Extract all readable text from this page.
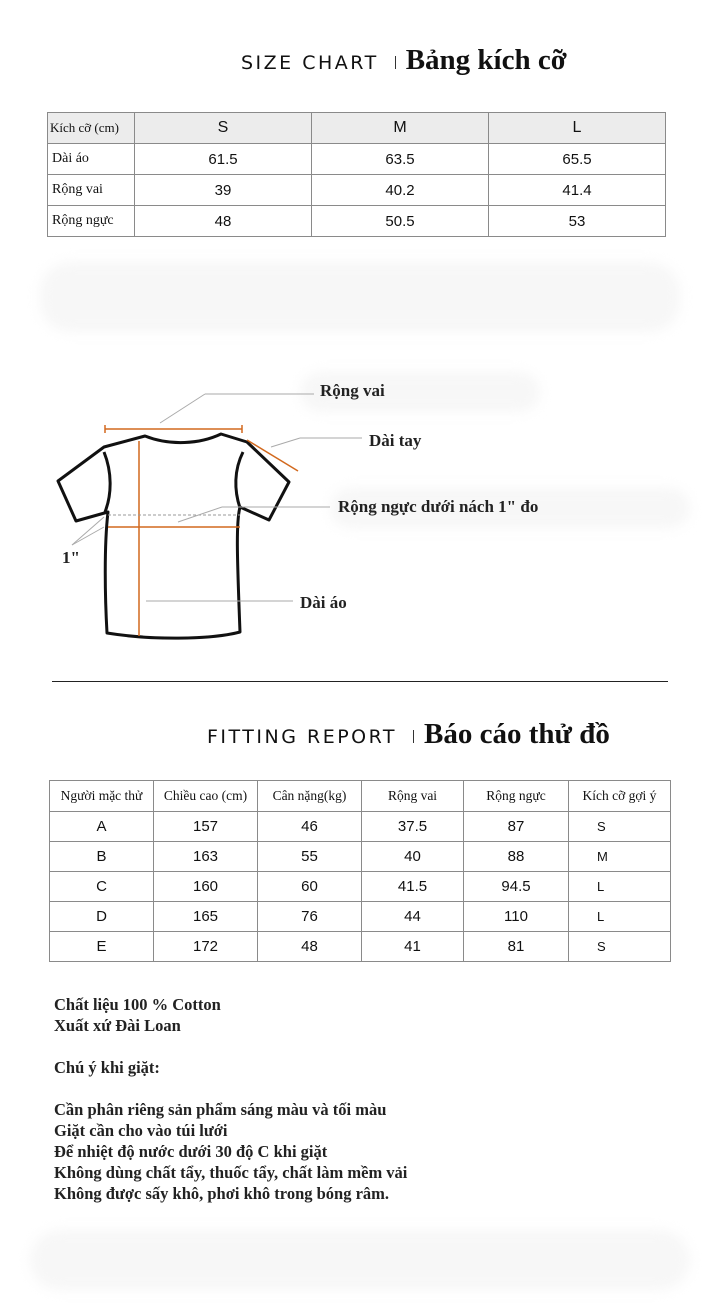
SIZE CHART Bảng kích cỡ
Kích cỡ (cm)	S	M	L
Dài áo	61.5	63.5	65.5
Rộng vai	39	40.2	41.4
Rộng ngực	48	50.5	53
Rộng vai
Dài tay
Rộng ngực dưới nách 1" đo
1"
Dài áo
FITTING REPORT Báo cáo thử đồ
Người mặc thử	Chiều cao (cm)	Cân nặng(kg)	Rộng vai	Rộng ngực	Kích cỡ gợi ý
A	157	46	37.5	87	S
B	163	55	40	88	M
C	160	60	41.5	94.5	L
D	165	76	44	110	L
E	172	48	41	81	S
Chất liệu 100 % Cotton
Xuất xứ Đài Loan
Chú ý khi giặt:
Cần phân riêng sản phẩm sáng màu và tối màu
Giặt cần cho vào túi lưới
Để nhiệt độ nước dưới 30 độ C khi giặt
Không dùng chất tẩy, thuốc tẩy, chất làm mềm vải
Không được sấy khô, phơi khô trong bóng râm.
